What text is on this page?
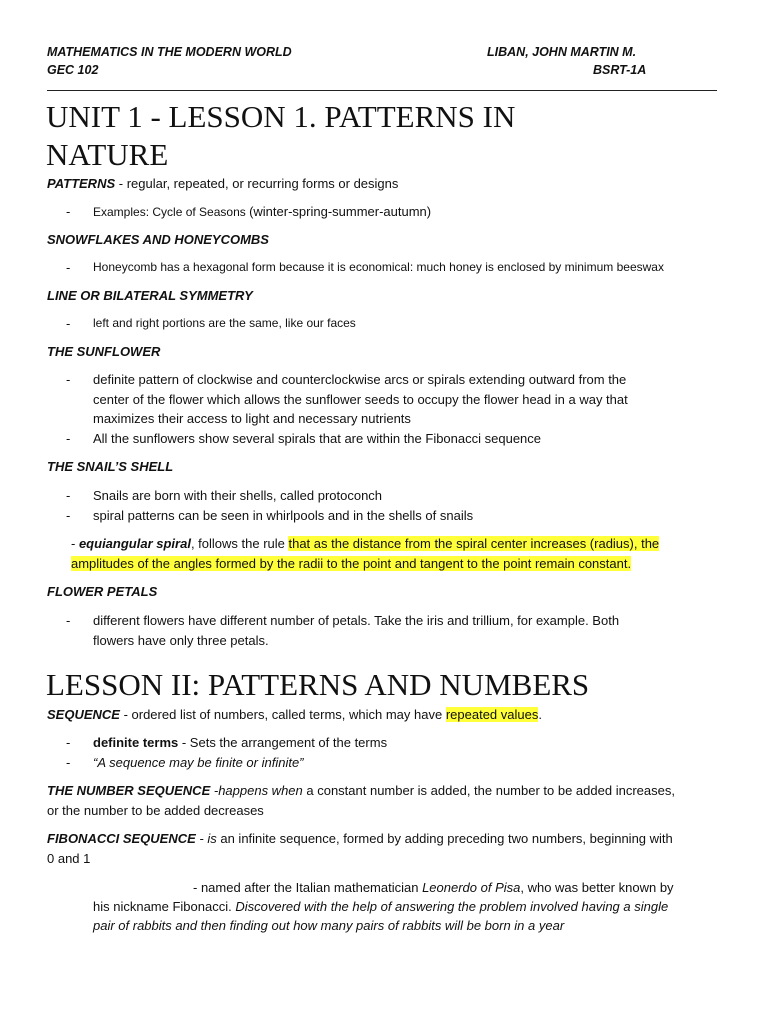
MATHEMATICS IN THE MODERN WORLD	LIBAN, JOHN MARTIN M.
GEC 102	BSRT-1A
UNIT 1 - LESSON 1. PATTERNS IN
NATURE
PATTERNS - regular, repeated, or recurring forms or designs
- Examples: Cycle of Seasons (winter-spring-summer-autumn)
SNOWFLAKES AND HONEYCOMBS
- Honeycomb has a hexagonal form because it is economical: much honey is enclosed by minimum beeswax
LINE OR BILATERAL SYMMETRY
- left and right portions are the same, like our faces
THE SUNFLOWER
- definite pattern of clockwise and counterclockwise arcs or spirals extending outward from the
center of the flower which allows the sunflower seeds to occupy the flower head in a way that
maximizes their access to light and necessary nutrients
- All the sunflowers show several spirals that are within the Fibonacci sequence
THE SNAIL’S SHELL
- Snails are born with their shells, called protoconch
- spiral patterns can be seen in whirlpools and in the shells of snails
- equiangular spiral, follows the rule that as the distance from the spiral center increases (radius), the
amplitudes of the angles formed by the radii to the point and tangent to the point remain constant.
FLOWER PETALS
- different flowers have different number of petals. Take the iris and trillium, for example. Both
flowers have only three petals.
LESSON II: PATTERNS AND NUMBERS
SEQUENCE - ordered list of numbers, called terms, which may have repeated values.
- definite terms - Sets the arrangement of the terms
- “A sequence may be finite or infinite”
THE NUMBER SEQUENCE -happens when a constant number is added, the number to be added increases,
or the number to be added decreases
FIBONACCI SEQUENCE - is an infinite sequence, formed by adding preceding two numbers, beginning with
0 and 1
- named after the Italian mathematician Leonerdo of Pisa, who was better known by
his nickname Fibonacci. Discovered with the help of answering the problem involved having a single
pair of rabbits and then finding out how many pairs of rabbits will be born in a year
